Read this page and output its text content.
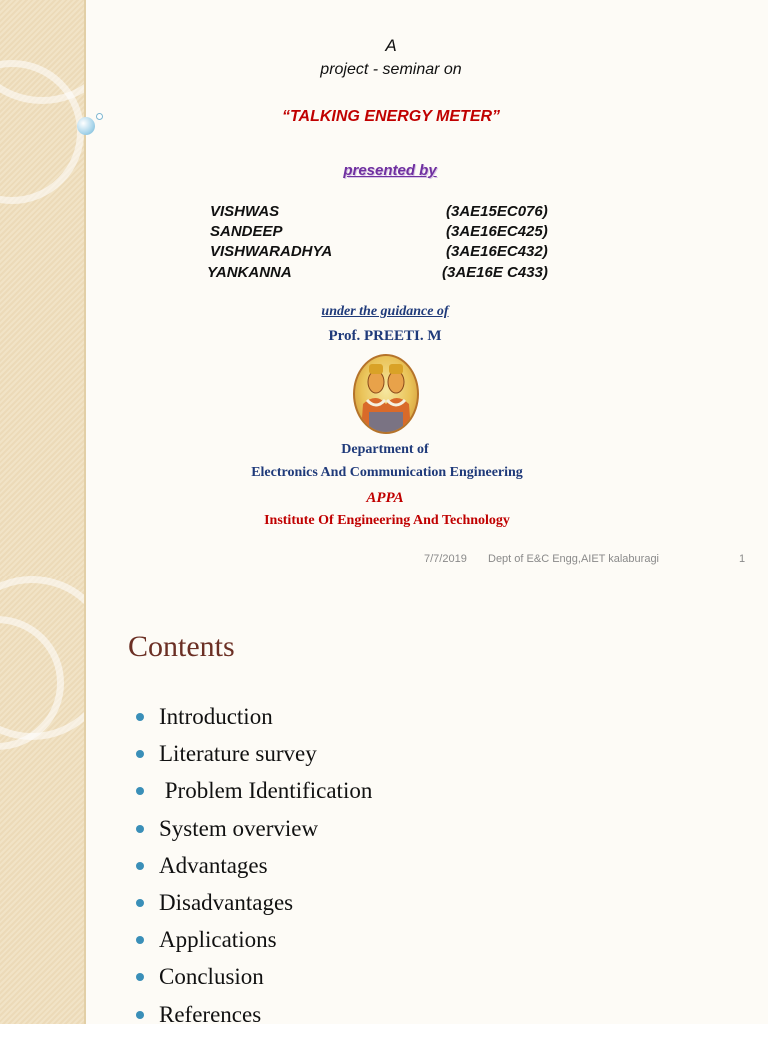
A
project - seminar on
“TALKING ENERGY METER”
presented by
VISHWAS	(3AE15EC076)
SANDEEP	(3AE16EC425)
VISHWARADHYA	(3AE16EC432)
YANKANNA	(3AE16E C433)
under the guidance of
Prof. PREETI. M
Department of
Electronics And Communication Engineering
APPA
Institute Of Engineering And Technology
7/7/2019 Dept of E&C Engg,AIET kalaburagi	1
Contents
Introduction
Literature survey
Problem Identification
System overview
Advantages
Disadvantages
Applications
Conclusion
References
